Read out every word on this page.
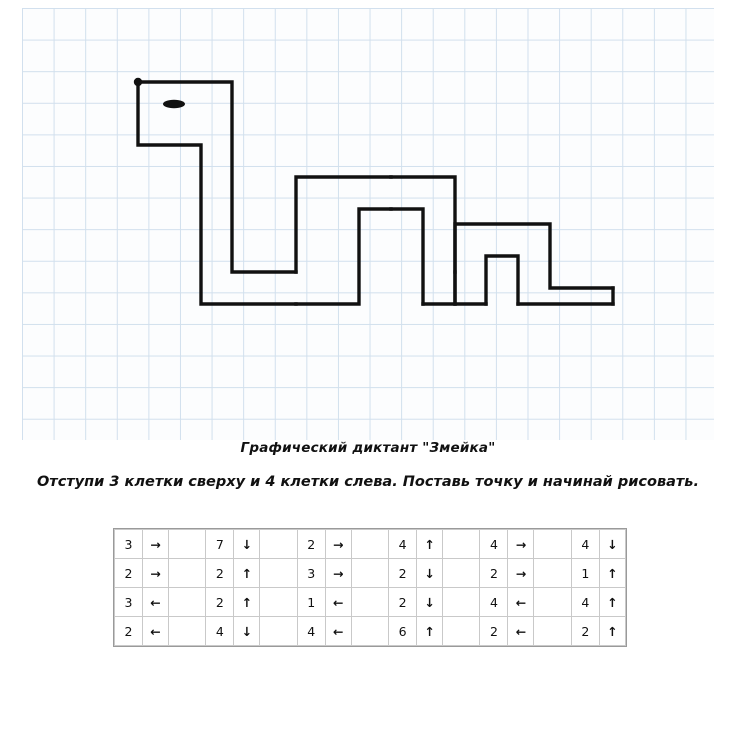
Графический диктант "Змейка"
Отступи 3 клетки сверху и 4 клетки слева. Поставь точку и начинай рисовать.
3	→		7	↓		2	→		4	↑		4	→		4	↓
2	→		2	↑		3	→		2	↓		2	→		1	↑
3	←		2	↑		1	←		2	↓		4	←		4	↑
2	←		4	↓		4	←		6	↑		2	←		2	↑
